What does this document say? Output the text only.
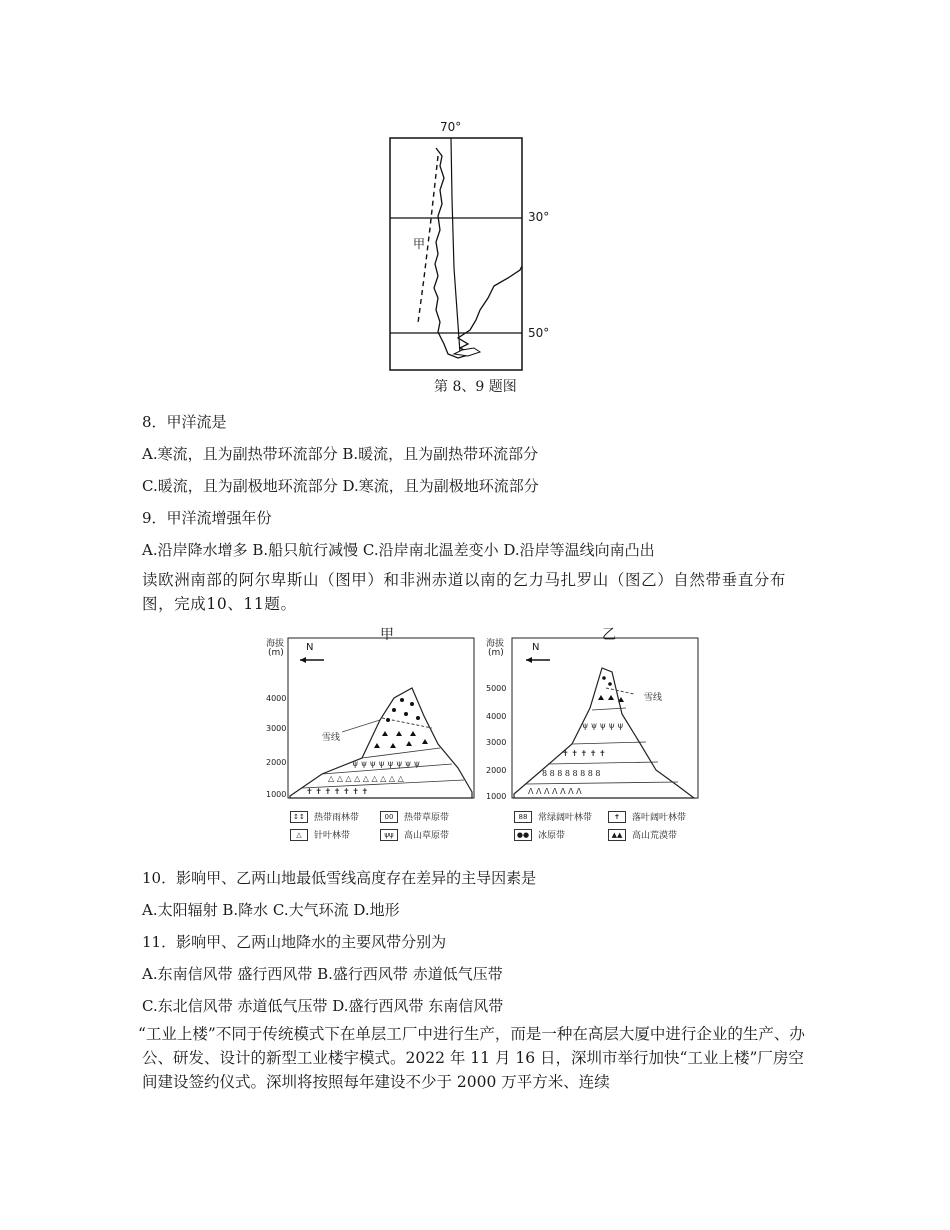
70°
30°
50°
甲
第 8、9 题图
8．甲洋流是
A.寒流，且为副热带环流部分 B.暖流，且为副热带环流部分
C.暖流，且为副极地环流部分 D.寒流，且为副极地环流部分
9．甲洋流增强年份
A.沿岸降水增多 B.船只航行减慢 C.沿岸南北温差变小 D.沿岸等温线向南凸出
读欧洲南部的阿尔卑斯山（图甲）和非洲赤道以南的乞力马扎罗山（图乙）自然带垂直分布图，完成10、11题。
甲
海拔
(m) N
4000
3000
2000
1000
雪线
ψ ψ ψ ψ ψ ψ ψ ψ
△ △ △ △ △ △ △ △ △
✝ ✝ ✝ ✝ ✝ ✝ ✝
ψ ψ ψ ψ ψ
✝ ✝ ✝ ✝ ✝
8 8 8 8 8 8 8 8
ᐱ ᐱ ᐱ ᐱ ᐱ ᐱ ᐱ
乙
海拔
(m)	N
5000
4000
3000
2000
1000
雪线
↕↕	热带雨林带	00	热带草原带
△	针叶林带	ψψ	高山草原带
88	常绿阔叶林带	✝	落叶阔叶林带
●● 冰原带	▲▲	高山荒漠带
10．影响甲、乙两山地最低雪线高度存在差异的主导因素是
A.太阳辐射 B.降水 C.大气环流 D.地形
11．影响甲、乙两山地降水的主要风带分别为
A.东南信风带 盛行西风带 B.盛行西风带 赤道低气压带
C.东北信风带 赤道低气压带 D.盛行西风带 东南信风带
“工业上楼”不同于传统模式下在单层工厂中进行生产，而是一种在高层大厦中进行企业的生产、办公、研发、设计的新型工业楼宇模式。2022 年 11 月 16 日，深圳市举行加快“工业上楼”厂房空间建设签约仪式。深圳将按照每年建设不少于 2000 万平方米、连续
